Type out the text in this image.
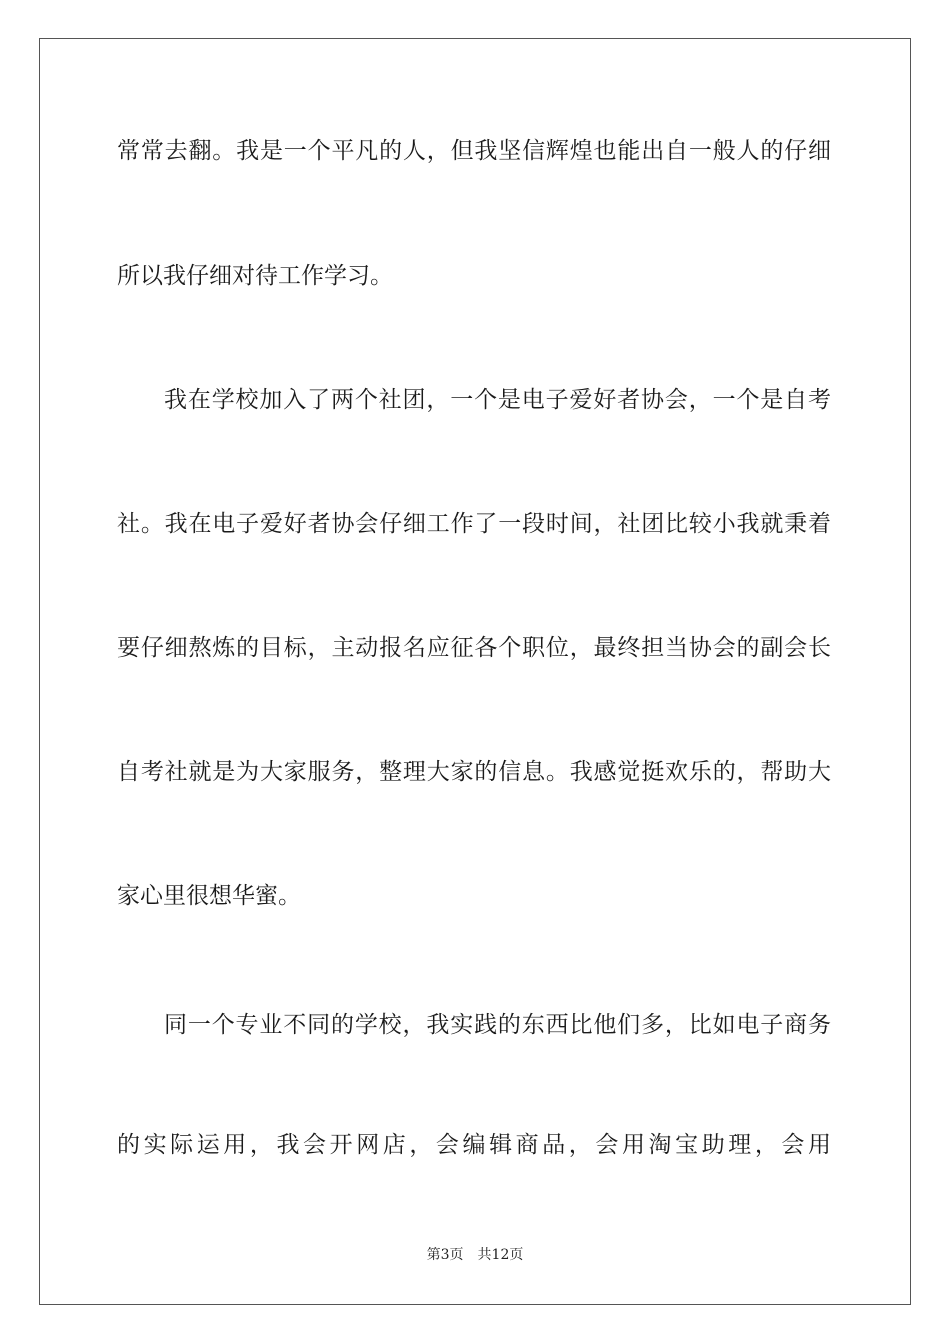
常常去翻。我是一个平凡的人，但我坚信辉煌也能出自一般人的仔细
所以我仔细对待工作学习。
我在学校加入了两个社团，一个是电子爱好者协会，一个是自考
社。我在电子爱好者协会仔细工作了一段时间，社团比较小我就秉着
要仔细熬炼的目标，主动报名应征各个职位，最终担当协会的副会长
自考社就是为大家服务，整理大家的信息。我感觉挺欢乐的，帮助大
家心里很想华蜜。
同一个专业不同的学校，我实践的东西比他们多，比如电子商务
的实际运用，我会开网店，会编辑商品，会用淘宝助理，会用
第3页 共12页
